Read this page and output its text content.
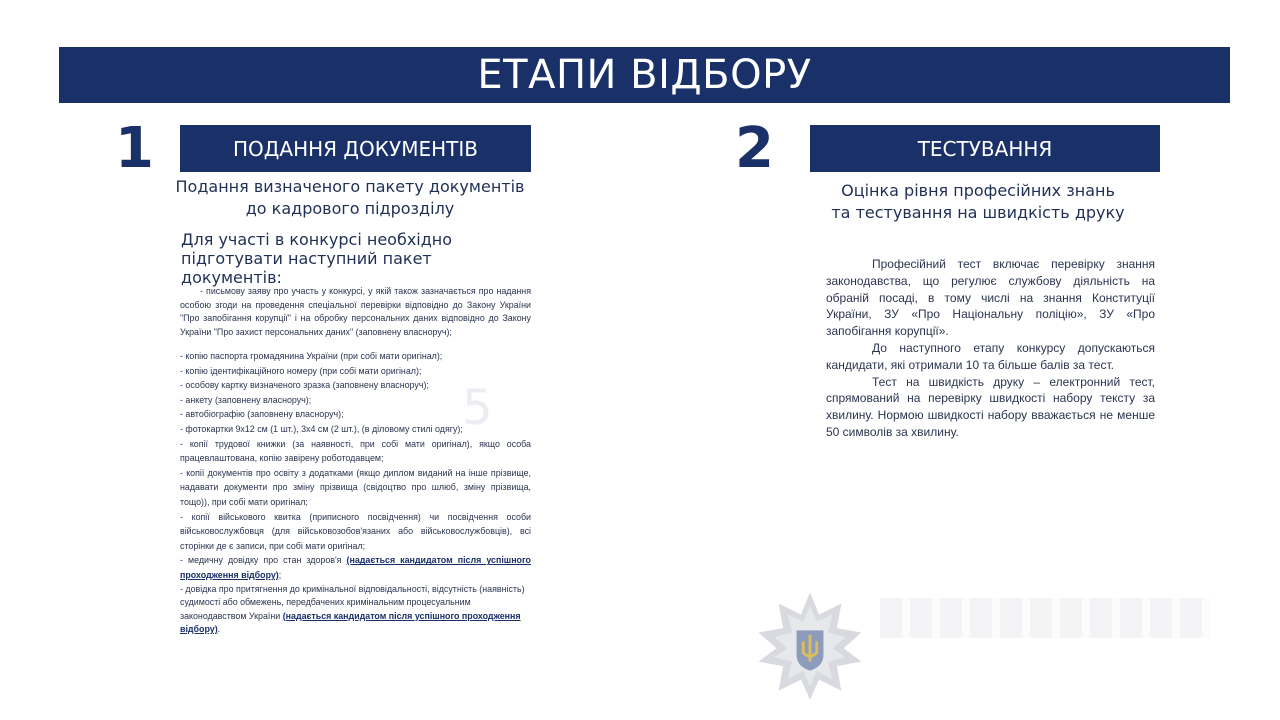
ЕТАПИ ВІДБОРУ
1	ПОДАННЯ ДОКУМЕНТІВ
Подання визначеного пакету документів до кадрового підрозділу
Для участі в конкурсі необхідно підготувати наступний пакет документів:
5

- письмову заяву про участь у конкурсі, у якій також зазначається про надання особою згоди на проведення спеціальної перевірки відповідно до Закону України "Про запобігання корупції" і на обробку персональних даних відповідно до Закону України "Про захист персональних даних" (заповнену власноруч);

- копію паспорта громадянина України (при собі мати оригінал);

- копію ідентифікаційного номеру (при собі мати оригінал);

- особову картку визначеного зразка (заповнену власноруч);

- анкету (заповнену власноруч);

- автобіографію (заповнену власноруч);

- фотокартки 9х12 см (1 шт.), 3х4 см (2 шт.), (в діловому стилі одягу);

- копії трудової книжки (за наявності, при собі мати оригінал), якщо особа працевлаштована, копію завірену роботодавцем;

- копії документів про освіту з додатками (якщо диплом виданий на інше прізвище, надавати документи про зміну прізвища (свідоцтво про шлюб, зміну прізвища, тощо)), при собі мати оригінал;

- копії військового квитка (приписного посвідчення) чи посвідчення особи військовослужбовця (для військовозобов'язаних або військовослужбовців), всі сторінки де є записи, при собі мати оригінал;

- медичну довідку про стан здоров'я (надається кандидатом після успішного проходження відбору);

- довідка про притягнення до кримінальної відповідальності, відсутність (наявність) судимості або обмежень, передбачених кримінальним процесуальним законодавством України (надається кандидатом після успішного проходження відбору).

2	ТЕСТУВАННЯ
Оцінка рівня професійних знань та тестування на швидкість друку

Професійний тест включає перевірку знання законодавства, що регулює службову діяльність на обраній посаді, в тому числі на знання Конституції України, ЗУ «Про Національну поліцію», ЗУ «Про запобігання корупції».

До наступного етапу конкурсу допускаються кандидати, які отримали 10 та більше балів за тест.

Тест на швидкість друку – електронний тест, спрямований на перевірку швидкості набору тексту за хвилину. Нормою швидкості набору вважається не менше 50 символів за хвилину.
